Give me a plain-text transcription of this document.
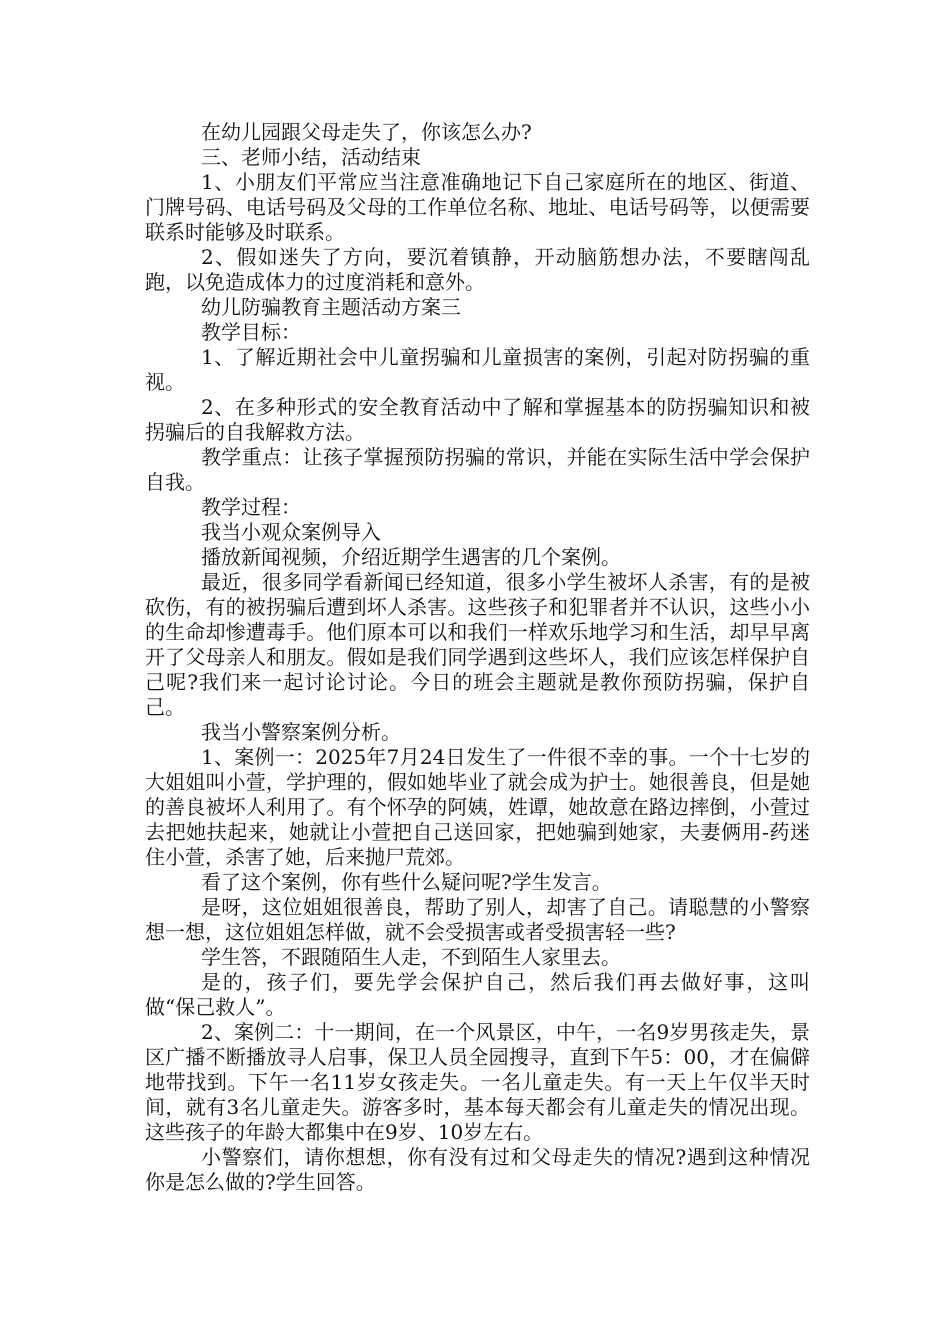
在幼儿园跟父母走失了，你该怎么办?

三、老师小结，活动结束

1、小朋友们平常应当注意准确地记下自己家庭所在的地区、街道、门牌号码、电话号码及父母的工作单位名称、地址、电话号码等，以便需要联系时能够及时联系。

2、假如迷失了方向，要沉着镇静，开动脑筋想办法，不要瞎闯乱跑，以免造成体力的过度消耗和意外。

幼儿防骗教育主题活动方案三

教学目标：

1、了解近期社会中儿童拐骗和儿童损害的案例，引起对防拐骗的重视。

2、在多种形式的安全教育活动中了解和掌握基本的防拐骗知识和被拐骗后的自我解救方法。

教学重点：让孩子掌握预防拐骗的常识，并能在实际生活中学会保护自我。

教学过程：

我当小观众案例导入

播放新闻视频，介绍近期学生遇害的几个案例。

最近，很多同学看新闻已经知道，很多小学生被坏人杀害，有的是被砍伤，有的被拐骗后遭到坏人杀害。这些孩子和犯罪者并不认识，这些小小的生命却惨遭毒手。他们原本可以和我们一样欢乐地学习和生活，却早早离开了父母亲人和朋友。假如是我们同学遇到这些坏人，我们应该怎样保护自己呢?我们来一起讨论讨论。今日的班会主题就是教你预防拐骗，保护自己。

我当小警察案例分析。

1、案例一：2025年7月24日发生了一件很不幸的事。一个十七岁的大姐姐叫小萱，学护理的，假如她毕业了就会成为护士。她很善良，但是她的善良被坏人利用了。有个怀孕的阿姨，姓谭，她故意在路边摔倒，小萱过去把她扶起来，她就让小萱把自己送回家，把她骗到她家，夫妻俩用-药迷住小萱，杀害了她，后来抛尸荒郊。

看了这个案例，你有些什么疑问呢?学生发言。

是呀，这位姐姐很善良，帮助了别人，却害了自己。请聪慧的小警察想一想，这位姐姐怎样做，就不会受损害或者受损害轻一些?

学生答，不跟随陌生人走，不到陌生人家里去。

是的，孩子们，要先学会保护自己，然后我们再去做好事，这叫做“保己救人”。

2、案例二：十一期间，在一个风景区，中午，一名9岁男孩走失，景区广播不断播放寻人启事，保卫人员全园搜寻，直到下午5：00，才在偏僻地带找到。下午一名11岁女孩走失。一名儿童走失。有一天上午仅半天时间，就有3名儿童走失。游客多时，基本每天都会有儿童走失的情况出现。这些孩子的年龄大都集中在9岁、10岁左右。

小警察们，请你想想，你有没有过和父母走失的情况?遇到这种情况你是怎么做的?学生回答。
